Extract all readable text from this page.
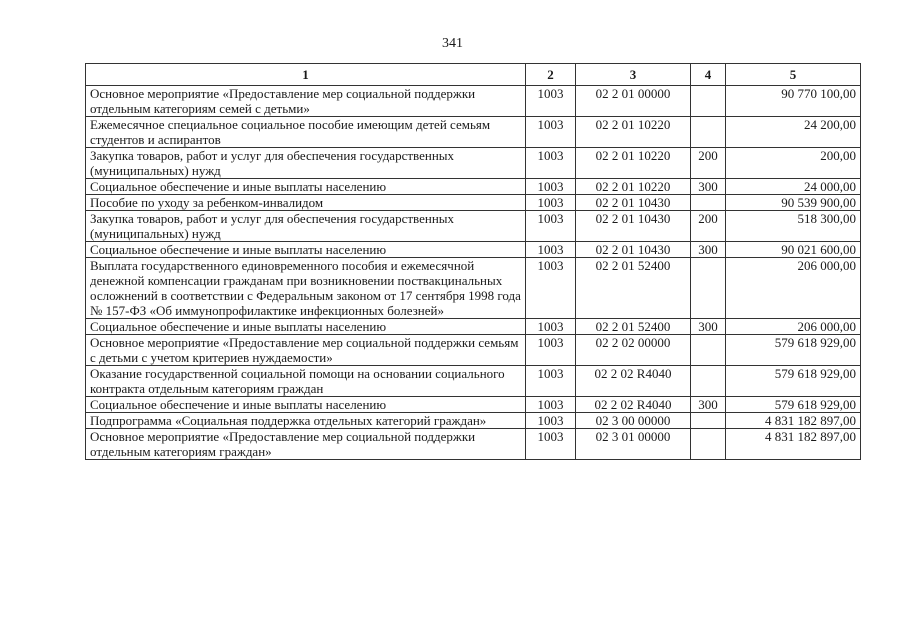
341
1	2	3	4	5
Основное мероприятие «Предоставление мер социальной поддержки отдельным категориям семей с детьми»	1003	02 2 01 00000		90 770 100,00
Ежемесячное специальное социальное пособие имеющим детей семьям студентов и аспирантов	1003	02 2 01 10220		24 200,00
Закупка товаров, работ и услуг для обеспечения государственных (муниципальных) нужд	1003	02 2 01 10220	200	200,00
Социальное обеспечение и иные выплаты населению	1003	02 2 01 10220	300	24 000,00
Пособие по уходу за ребенком-инвалидом	1003	02 2 01 10430		90 539 900,00
Закупка товаров, работ и услуг для обеспечения государственных (муниципальных) нужд	1003	02 2 01 10430	200	518 300,00
Социальное обеспечение и иные выплаты населению	1003	02 2 01 10430	300	90 021 600,00
Выплата государственного единовременного пособия и ежемесячной денежной компенсации гражданам при возникновении поствакцинальных осложнений в соответствии с Федеральным законом от 17 сентября 1998 года № 157-ФЗ «Об иммунопрофилактике инфекционных болезней»	1003	02 2 01 52400		206 000,00
Социальное обеспечение и иные выплаты населению	1003	02 2 01 52400	300	206 000,00
Основное мероприятие «Предоставление мер социальной поддержки семьям с детьми с учетом критериев нуждаемости»	1003	02 2 02 00000		579 618 929,00
Оказание государственной социальной помощи на основании социального контракта отдельным категориям граждан	1003	02 2 02 R4040		579 618 929,00
Социальное обеспечение и иные выплаты населению	1003	02 2 02 R4040	300	579 618 929,00
Подпрограмма «Социальная поддержка отдельных категорий граждан»	1003	02 3 00 00000		4 831 182 897,00
Основное мероприятие «Предоставление мер социальной поддержки отдельным категориям граждан»	1003	02 3 01 00000		4 831 182 897,00
